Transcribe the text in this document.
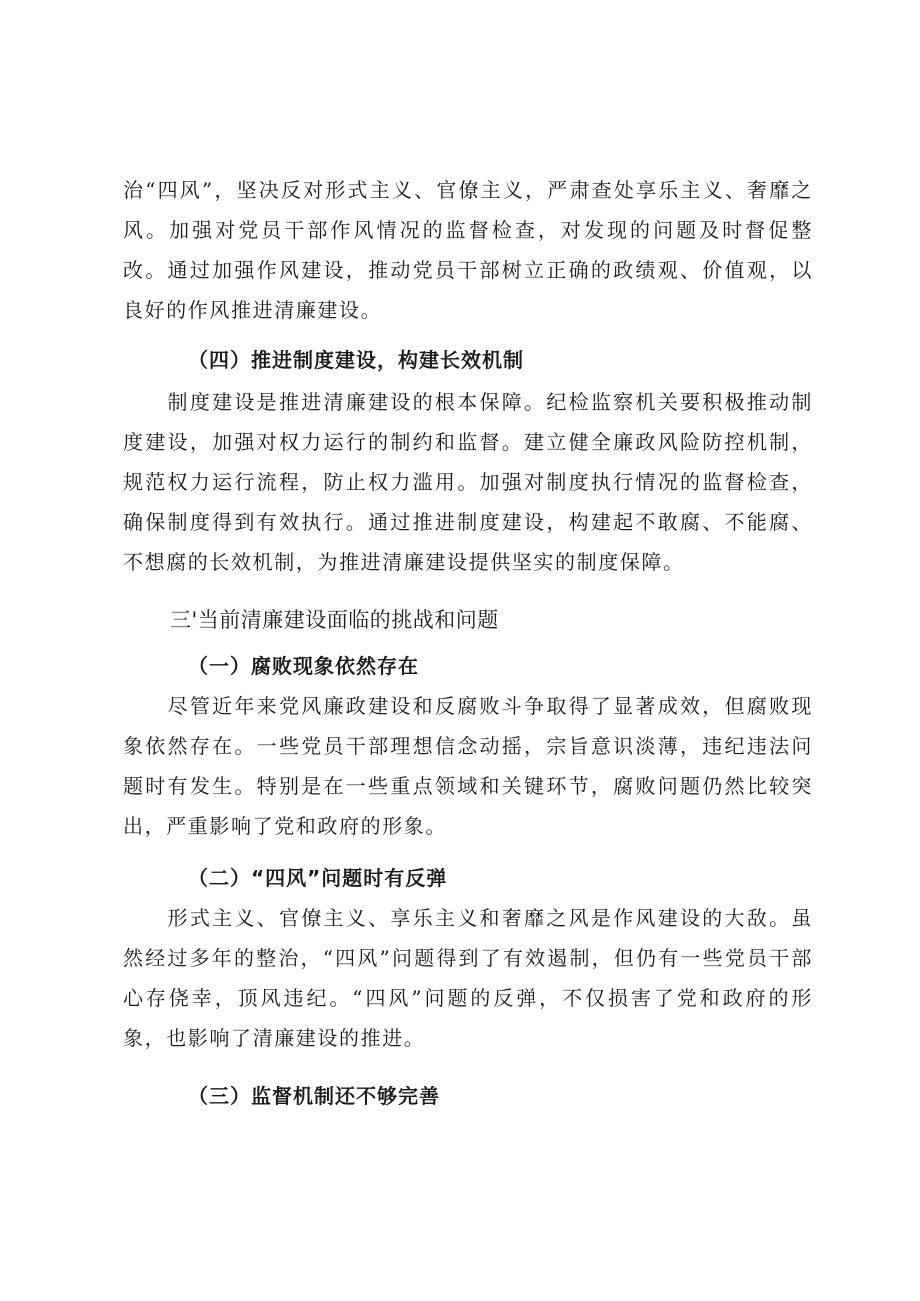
治“四风”，坚决反对形式主义、官僚主义，严肃查处享乐主义、奢靡之风。加强对党员干部作风情况的监督检查，对发现的问题及时督促整改。通过加强作风建设，推动党员干部树立正确的政绩观、价值观，以良好的作风推进清廉建设。

（四）推进制度建设，构建长效机制

　　制度建设是推进清廉建设的根本保障。纪检监察机关要积极推动制度建设，加强对权力运行的制约和监督。建立健全廉政风险防控机制，规范权力运行流程，防止权力滥用。加强对制度执行情况的监督检查，确保制度得到有效执行。通过推进制度建设，构建起不敢腐、不能腐、不想腐的长效机制，为推进清廉建设提供坚实的制度保障。

三'当前清廉建设面临的挑战和问题
（一）腐败现象依然存在

　　尽管近年来党风廉政建设和反腐败斗争取得了显著成效，但腐败现象依然存在。一些党员干部理想信念动摇，宗旨意识淡薄，违纪违法问题时有发生。特别是在一些重点领域和关键环节，腐败问题仍然比较突出，严重影响了党和政府的形象。

（二）“四风”问题时有反弹

　　形式主义、官僚主义、享乐主义和奢靡之风是作风建设的大敌。虽然经过多年的整治，“四风”问题得到了有效遏制，但仍有一些党员干部心存侥幸，顶风违纪。“四风”问题的反弹，不仅损害了党和政府的形象，也影响了清廉建设的推进。

（三）监督机制还不够完善
